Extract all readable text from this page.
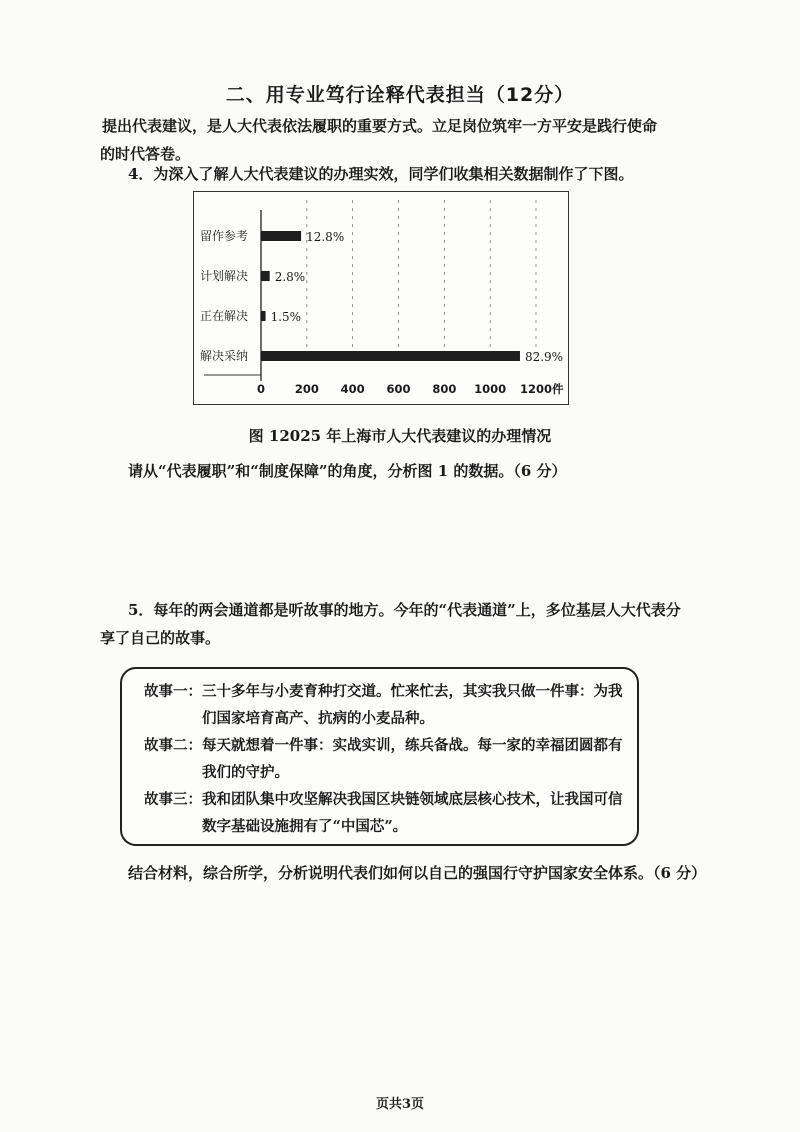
二、用专业笃行诠释代表担当（12分）
提出代表建议，是人大代表依法履职的重要方式。立足岗位筑牢一方平安是践行使命
的时代答卷。
4．为深入了解人大代表建议的办理实效，同学们收集相关数据制作了下图。
留作参考	12.8%
计划解决 2.8%
正在解决 1.5%
解决采纳	82.9%
0	200 400 600 800 1000 1200 件
图 12025 年上海市人大代表建议的办理情况
请从“代表履职”和“制度保障”的角度，分析图 1 的数据。（6 分）
5．每年的两会通道都是听故事的地方。今年的“代表通道”上，多位基层人大代表分
享了自己的故事。
故事一：三十多年与小麦育种打交道。忙来忙去，其实我只做一件事：为我
们国家培育高产、抗病的小麦品种。
故事二：每天就想着一件事：实战实训，练兵备战。每一家的幸福团圆都有
我们的守护。
故事三：我和团队集中攻坚解决我国区块链领域底层核心技术，让我国可信
数字基础设施拥有了“中国芯”。
结合材料，综合所学，分析说明代表们如何以自己的强国行守护国家安全体系。（6 分）
页共3页
